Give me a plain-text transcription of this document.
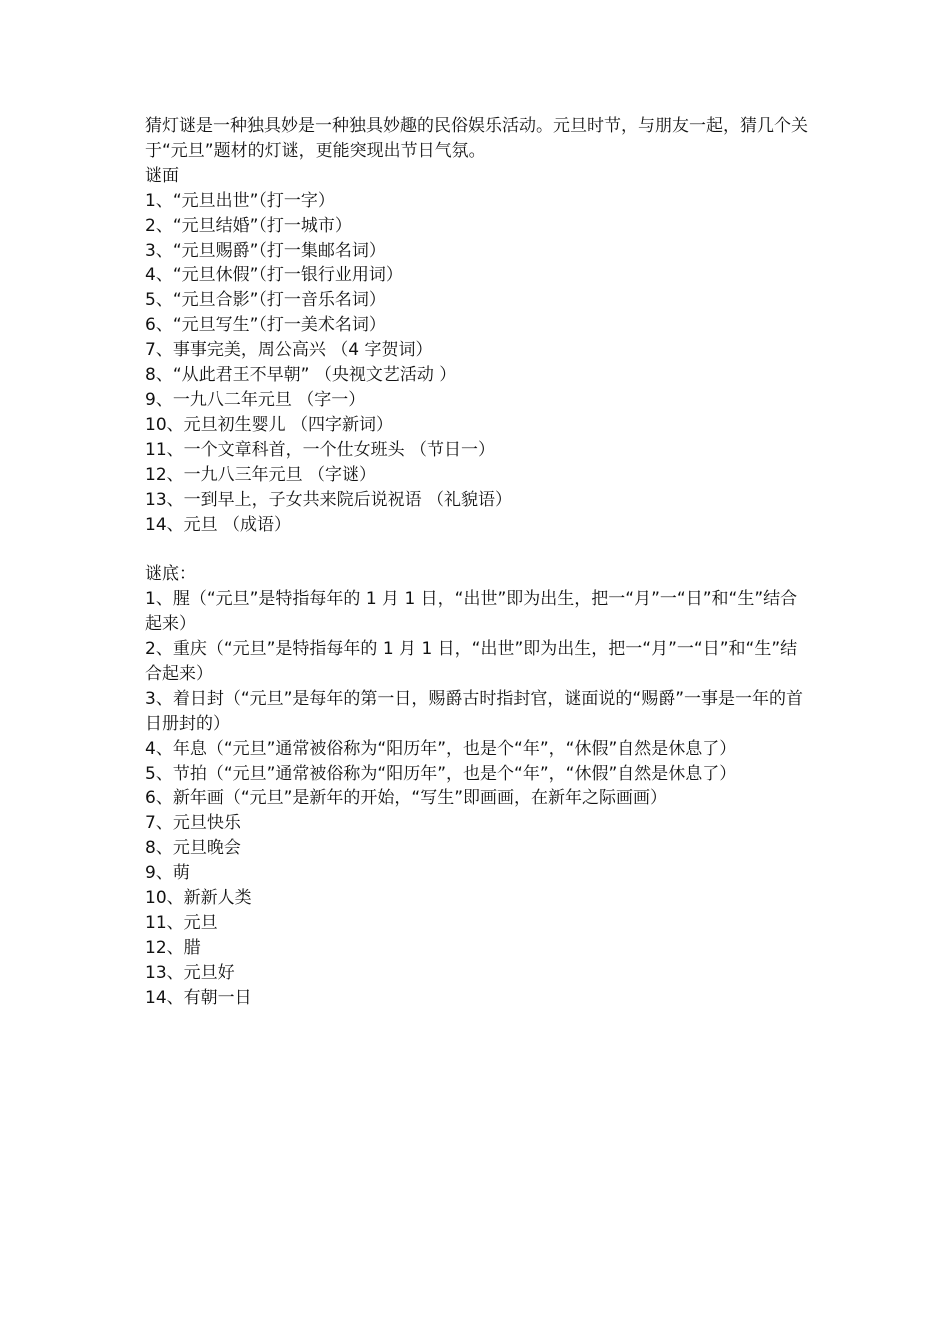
猜灯谜是一种独具妙是一种独具妙趣的民俗娱乐活动。元旦时节，与朋友一起，猜几个关于“元旦”题材的灯谜，更能突现出节日气氛。
谜面
1、“元旦出世”（打一字）
2、“元旦结婚”（打一城市）
3、“元旦赐爵”（打一集邮名词）
4、“元旦休假”（打一银行业用词）
5、“元旦合影”（打一音乐名词）
6、“元旦写生”（打一美术名词）
7、事事完美，周公高兴 （4 字贺词）
8、“从此君王不早朝” （央视文艺活动 ）
9、一九八二年元旦 （字一）
10、元旦初生婴儿 （四字新词）
11、一个文章科首，一个仕女班头 （节日一）
12、一九八三年元旦 （字谜）
13、一到早上，子女共来院后说祝语 （礼貌语）
14、元旦 （成语）
谜底：
1、腥（“元旦”是特指每年的 1 月 1 日，“出世”即为出生，把一“月”一“日”和“生”结合起来）
2、重庆（“元旦”是特指每年的 1 月 1 日，“出世”即为出生，把一“月”一“日”和“生”结合起来）
3、着日封（“元旦”是每年的第一日，赐爵古时指封官，谜面说的“赐爵”一事是一年的首日册封的）
4、年息（“元旦”通常被俗称为“阳历年”，也是个“年”，“休假”自然是休息了）
5、节拍（“元旦”通常被俗称为“阳历年”，也是个“年”，“休假”自然是休息了）
6、新年画（“元旦”是新年的开始，“写生”即画画，在新年之际画画）
7、元旦快乐
8、元旦晚会
9、萌
10、新新人类
11、元旦
12、腊
13、元旦好
14、有朝一日
